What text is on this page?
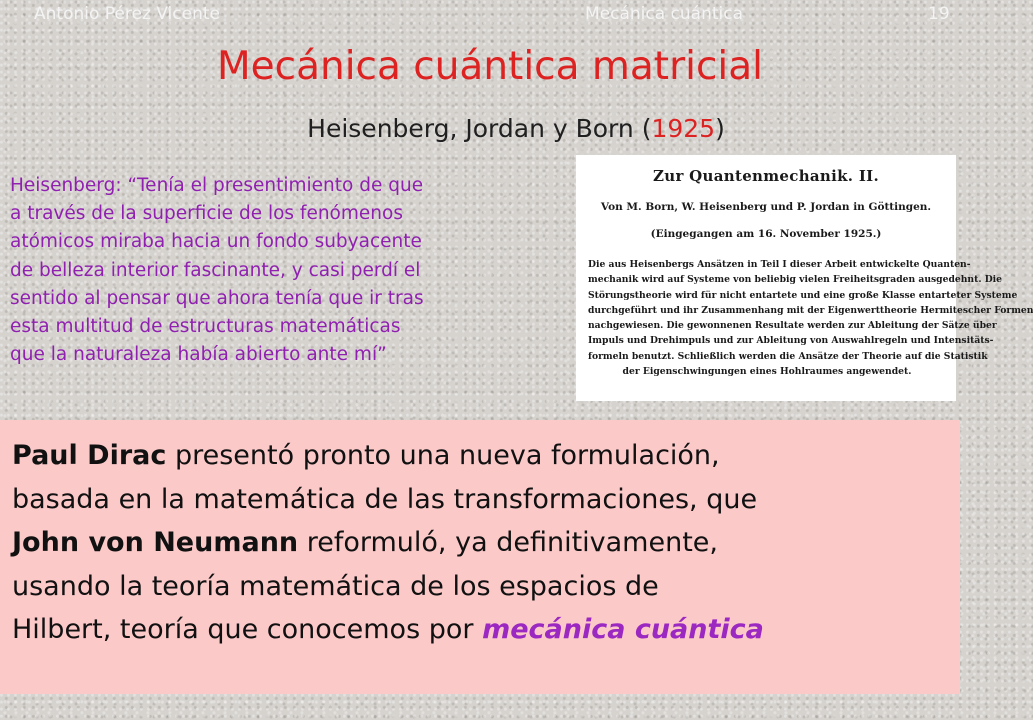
Antonio Pérez Vicente	Mecánica cuántica	19
Mecánica cuántica matricial
Heisenberg, Jordan y Born (1925)
Heisenberg: “Tenía el presentimiento de que
a través de la superficie de los fenómenos
atómicos miraba hacia un fondo subyacente
de belleza interior fascinante, y casi perdí el
sentido al pensar que ahora tenía que ir tras
esta multitud de estructuras matemáticas
que la naturaleza había abierto ante mí”
Zur Quantenmechanik. II.
Von M. Born, W. Heisenberg und P. Jordan in Göttingen.
(Eingegangen am 16. November 1925.)
Die aus Heisenbergs Ansätzen in Teil I dieser Arbeit entwickelte Quanten-
mechanik wird auf Systeme von beliebig vielen Freiheitsgraden ausgedehnt. Die
Störungstheorie wird für nicht entartete und eine große Klasse entarteter Systeme
durchgeführt und ihr Zusammenhang mit der Eigenwerttheorie Hermitescher Formen
nachgewiesen. Die gewonnenen Resultate werden zur Ableitung der Sätze über
Impuls und Drehimpuls und zur Ableitung von Auswahlregeln und Intensitäts-
formeln benutzt. Schließlich werden die Ansätze der Theorie auf die Statistik
der Eigenschwingungen eines Hohlraumes angewendet.
Paul Dirac presentó pronto una nueva formulación,
basada en la matemática de las transformaciones, que
John von Neumann reformuló, ya definitivamente,
usando la teoría matemática de los espacios de
Hilbert, teoría que conocemos por mecánica cuántica
